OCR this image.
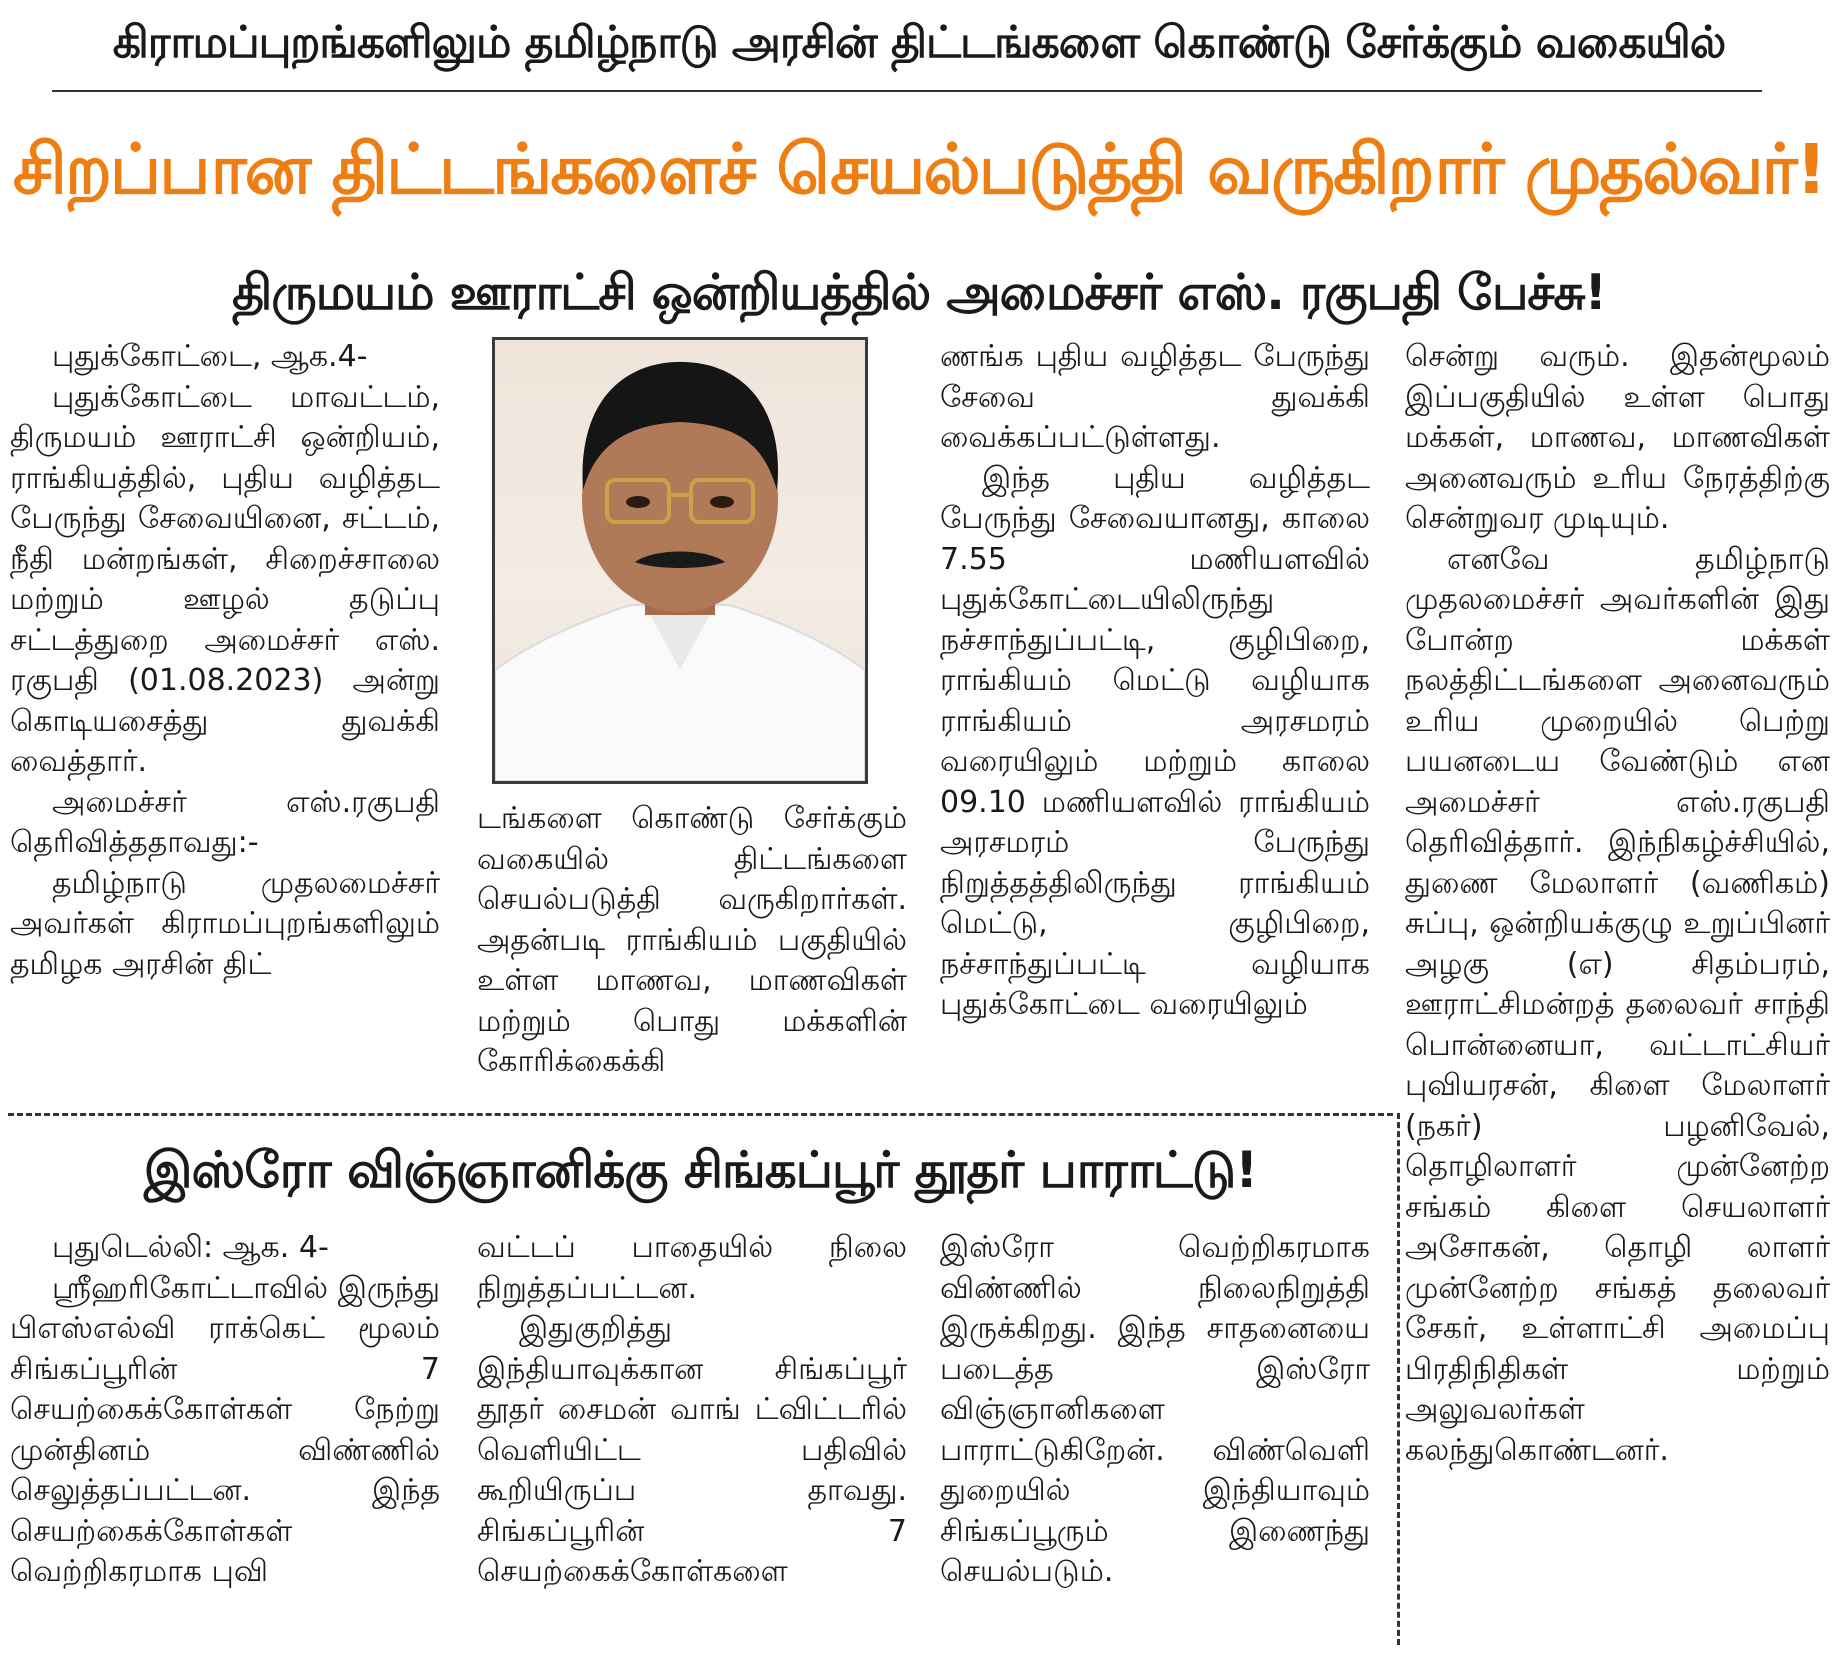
கிராமப்புறங்களிலும் தமிழ்நாடு அரசின் திட்டங்களை கொண்டு சேர்க்கும் வகையில்
சிறப்பான திட்டங்களைச் செயல்படுத்தி வருகிறார் முதல்வர்!
திருமயம் ஊராட்சி ஒன்றியத்தில் அமைச்சர் எஸ். ரகுபதி பேச்சு!

புதுக்கோட்டை, ஆக.4-

புதுக்கோட்டை மாவட்டம், திருமயம் ஊராட்சி ஒன்றியம், ராங்கியத்தில், புதிய வழித்தட பேருந்து சேவையினை, சட்டம், நீதி மன்றங்கள், சிறைச்சாலை மற்றும் ஊழல் தடுப்பு சட்டத்துறை அமைச்சர் எஸ். ரகுபதி (01.08.2023) அன்று கொடியசைத்து துவக்கி வைத்தார்.

அமைச்சர் எஸ்.ரகுபதி தெரிவித்ததாவது:-

தமிழ்நாடு முதலமைச்சர் அவர்கள் கிராமப்புறங்களிலும் தமிழக அரசின் திட்

டங்களை கொண்டு சேர்க்கும் வகையில் திட்டங்களை செயல்படுத்தி வருகிறார்கள். அதன்படி ராங்கியம் பகுதியில் உள்ள மாணவ, மாணவிகள் மற்றும் பொது மக்களின் கோரிக்கைக்கி

ணங்க புதிய வழித்தட பேருந்து சேவை துவக்கி வைக்கப்பட்டுள்ளது.

இந்த புதிய வழித்தட பேருந்து சேவையானது, காலை 7.55 மணியளவில் புதுக்கோட்டையிலிருந்து நச்சாந்துப்பட்டி, குழிபிறை, ராங்கியம் மெட்டு வழியாக ராங்கியம் அரசமரம் வரையிலும் மற்றும் காலை 09.10 மணியளவில் ராங்கியம் அரசமரம் பேருந்து நிறுத்தத்திலிருந்து ராங்கியம் மெட்டு, குழிபிறை, நச்சாந்துப்பட்டி வழியாக புதுக்கோட்டை வரையிலும்

சென்று வரும். இதன்மூலம் இப்பகுதியில் உள்ள பொது மக்கள், மாணவ, மாணவிகள் அனைவரும் உரிய நேரத்திற்கு சென்றுவர முடியும்.

எனவே தமிழ்நாடு முதலமைச்சர் அவர்களின் இது போன்ற மக்கள் நலத்திட்டங்களை அனைவரும் உரிய முறையில் பெற்று பயனடைய வேண்டும் என அமைச்சர் எஸ்.ரகுபதி தெரிவித்தார். இந்நிகழ்ச்சியில், துணை மேலாளர் (வணிகம்) சுப்பு, ஒன்றியக்குழு உறுப்பினர் அழகு (எ) சிதம்பரம், ஊராட்சிமன்றத் தலைவர் சாந்தி பொன்னையா, வட்டாட்சியர் புவியரசன், கிளை மேலாளர் (நகர்) பழனிவேல், தொழிலாளர் முன்னேற்ற சங்கம் கிளை செயலாளர் அசோகன், தொழி லாளர் முன்னேற்ற சங்கத் தலைவர் சேகர், உள்ளாட்சி அமைப்பு பிரதிநிதிகள் மற்றும் அலுவலர்கள் கலந்துகொண்டனர்.

இஸ்ரோ விஞ்ஞானிக்கு சிங்கப்பூர் தூதர் பாராட்டு!

புதுடெல்லி: ஆக. 4-

ஸ்ரீஹரிகோட்டாவில் இருந்து பிஎஸ்எல்வி ராக்கெட் மூலம் சிங்கப்பூரின் 7 செயற்கைக்கோள்கள் நேற்று முன்தினம் விண்ணில் செலுத்தப்பட்டன. இந்த செயற்கைக்கோள்கள் வெற்றிகரமாக புவி

வட்டப் பாதையில் நிலை நிறுத்தப்பட்டன.

இதுகுறித்து இந்தியாவுக்கான சிங்கப்பூர் தூதர் சைமன் வாங் ட்விட்டரில் வெளியிட்ட பதிவில் கூறியிருப்ப தாவது. சிங்கப்பூரின் 7 செயற்கைக்கோள்களை

இஸ்ரோ வெற்றிகரமாக விண்ணில் நிலைநிறுத்தி இருக்கிறது. இந்த சாதனையை படைத்த இஸ்ரோ விஞ்ஞானிகளை பாராட்டுகிறேன். விண்வெளி துறையில் இந்தியாவும் சிங்கப்பூரும் இணைந்து செயல்படும்.
